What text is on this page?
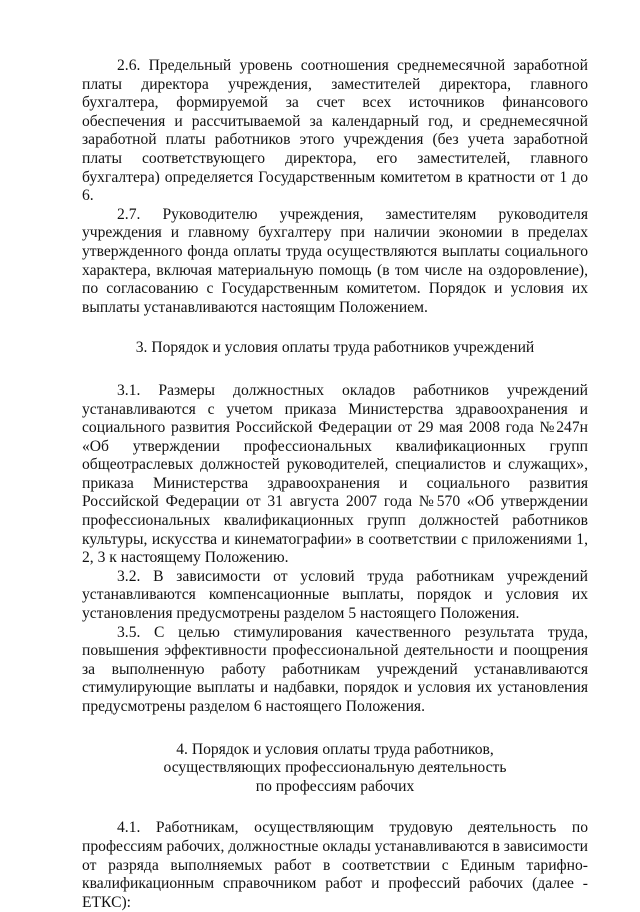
2.6. Предельный уровень соотношения среднемесячной заработной платы директора учреждения, заместителей директора, главного бухгалтера, формируемой за счет всех источников финансового обеспечения и рассчитываемой за календарный год, и среднемесячной заработной платы работников этого учреждения (без учета заработной платы соответствующего директора, его заместителей, главного бухгалтера) определяется Государственным комитетом в кратности от 1 до 6.

2.7. Руководителю учреждения, заместителям руководителя учреждения и главному бухгалтеру при наличии экономии в пределах утвержденного фонда оплаты труда осуществляются выплаты социального характера, включая материальную помощь (в том числе на оздоровление), по согласованию с Государственным комитетом. Порядок и условия их выплаты устанавливаются настоящим Положением.

3. Порядок и условия оплаты труда работников учреждений

3.1. Размеры должностных окладов работников учреждений устанавливаются с учетом приказа Министерства здравоохранения и социального развития Российской Федерации от 29 мая 2008 года №247н «Об утверждении профессиональных квалификационных групп общеотраслевых должностей руководителей, специалистов и служащих», приказа Министерства здравоохранения и социального развития Российской Федерации от 31 августа 2007 года №570 «Об утверждении профессиональных квалификационных групп должностей работников культуры, искусства и кинематографии» в соответствии с приложениями 1, 2, 3 к настоящему Положению.

3.2. В зависимости от условий труда работникам учреждений устанавливаются компенсационные выплаты, порядок и условия их установления предусмотрены разделом 5 настоящего Положения.

3.5. С целью стимулирования качественного результата труда, повышения эффективности профессиональной деятельности и поощрения за выполненную работу работникам учреждений устанавливаются стимулирующие выплаты и надбавки, порядок и условия их установления предусмотрены разделом 6 настоящего Положения.

4. Порядок и условия оплаты труда работников,

осуществляющих профессиональную деятельность

по профессиям рабочих

4.1. Работникам, осуществляющим трудовую деятельность по профессиям рабочих, должностные оклады устанавливаются в зависимости от разряда выполняемых работ в соответствии с Единым тарифно-квалификационным справочником работ и профессий рабочих (далее - ЕТКС):
